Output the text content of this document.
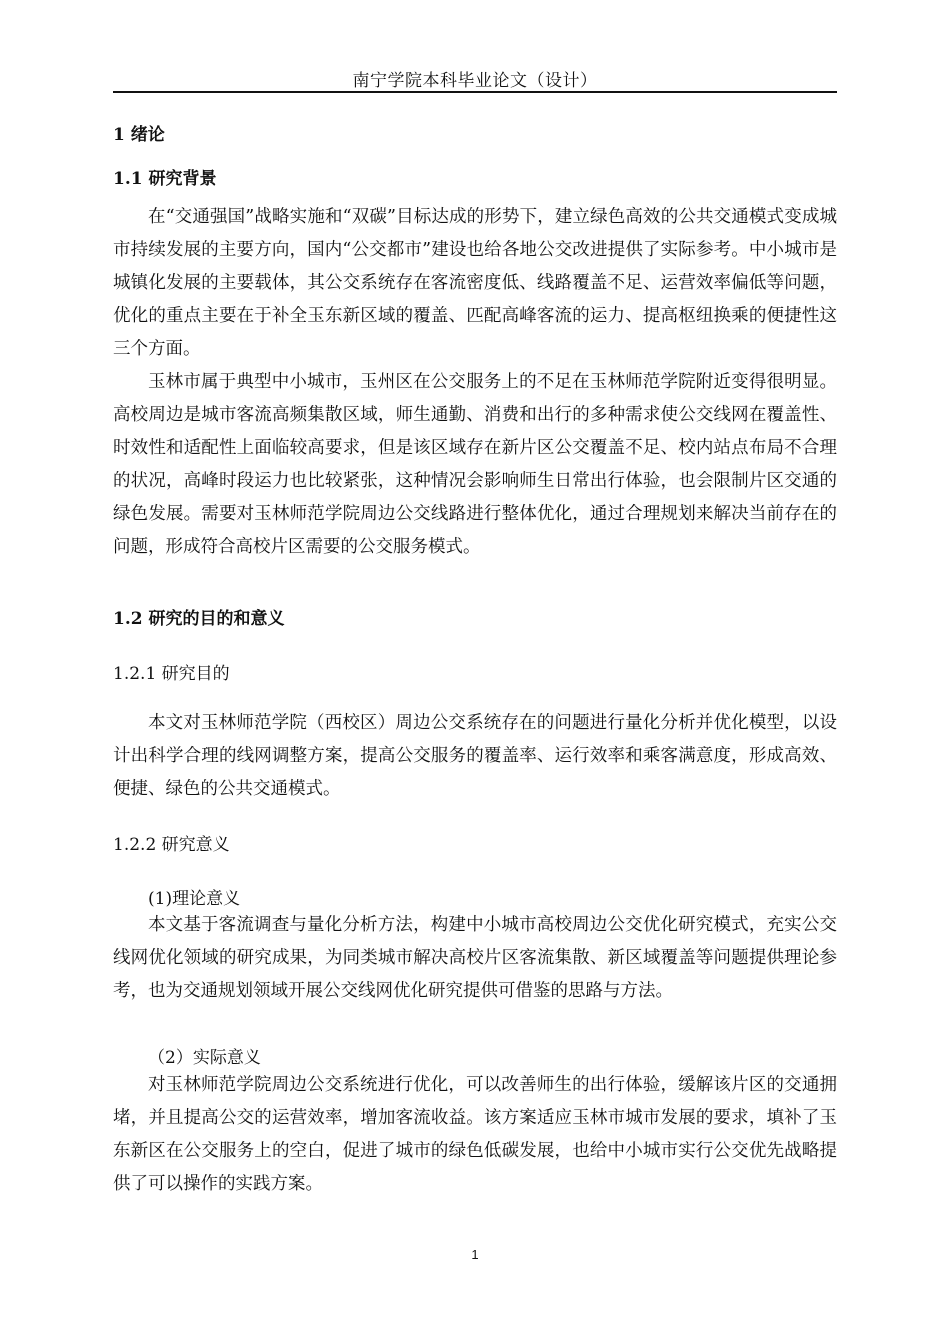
南宁学院本科毕业论文（设计）
1 绪论
1.1 研究背景

在“交通强国”战略实施和“双碳”目标达成的形势下，建立绿色高效的公共交通模式变成城市持续发展的主要方向，国内“公交都市”建设也给各地公交改进提供了实际参考。中小城市是城镇化发展的主要载体，其公交系统存在客流密度低、线路覆盖不足、运营效率偏低等问题，优化的重点主要在于补全玉东新区域的覆盖、匹配高峰客流的运力、提高枢纽换乘的便捷性这三个方面。

玉林市属于典型中小城市，玉州区在公交服务上的不足在玉林师范学院附近变得很明显。高校周边是城市客流高频集散区域，师生通勤、消费和出行的多种需求使公交线网在覆盖性、时效性和适配性上面临较高要求，但是该区域存在新片区公交覆盖不足、校内站点布局不合理的状况，高峰时段运力也比较紧张，这种情况会影响师生日常出行体验，也会限制片区交通的绿色发展。需要对玉林师范学院周边公交线路进行整体优化，通过合理规划来解决当前存在的问题，形成符合高校片区需要的公交服务模式。

1.2 研究的目的和意义
1.2.1 研究目的

本文对玉林师范学院（西校区）周边公交系统存在的问题进行量化分析并优化模型，以设计出科学合理的线网调整方案，提高公交服务的覆盖率、运行效率和乘客满意度，形成高效、便捷、绿色的公共交通模式。

1.2.2 研究意义
(1)理论意义

本文基于客流调查与量化分析方法，构建中小城市高校周边公交优化研究模式，充实公交线网优化领域的研究成果，为同类城市解决高校片区客流集散、新区域覆盖等问题提供理论参考，也为交通规划领域开展公交线网优化研究提供可借鉴的思路与方法。

（2）实际意义

对玉林师范学院周边公交系统进行优化，可以改善师生的出行体验，缓解该片区的交通拥堵，并且提高公交的运营效率，增加客流收益。该方案适应玉林市城市发展的要求，填补了玉东新区在公交服务上的空白，促进了城市的绿色低碳发展，也给中小城市实行公交优先战略提供了可以操作的实践方案。

1
